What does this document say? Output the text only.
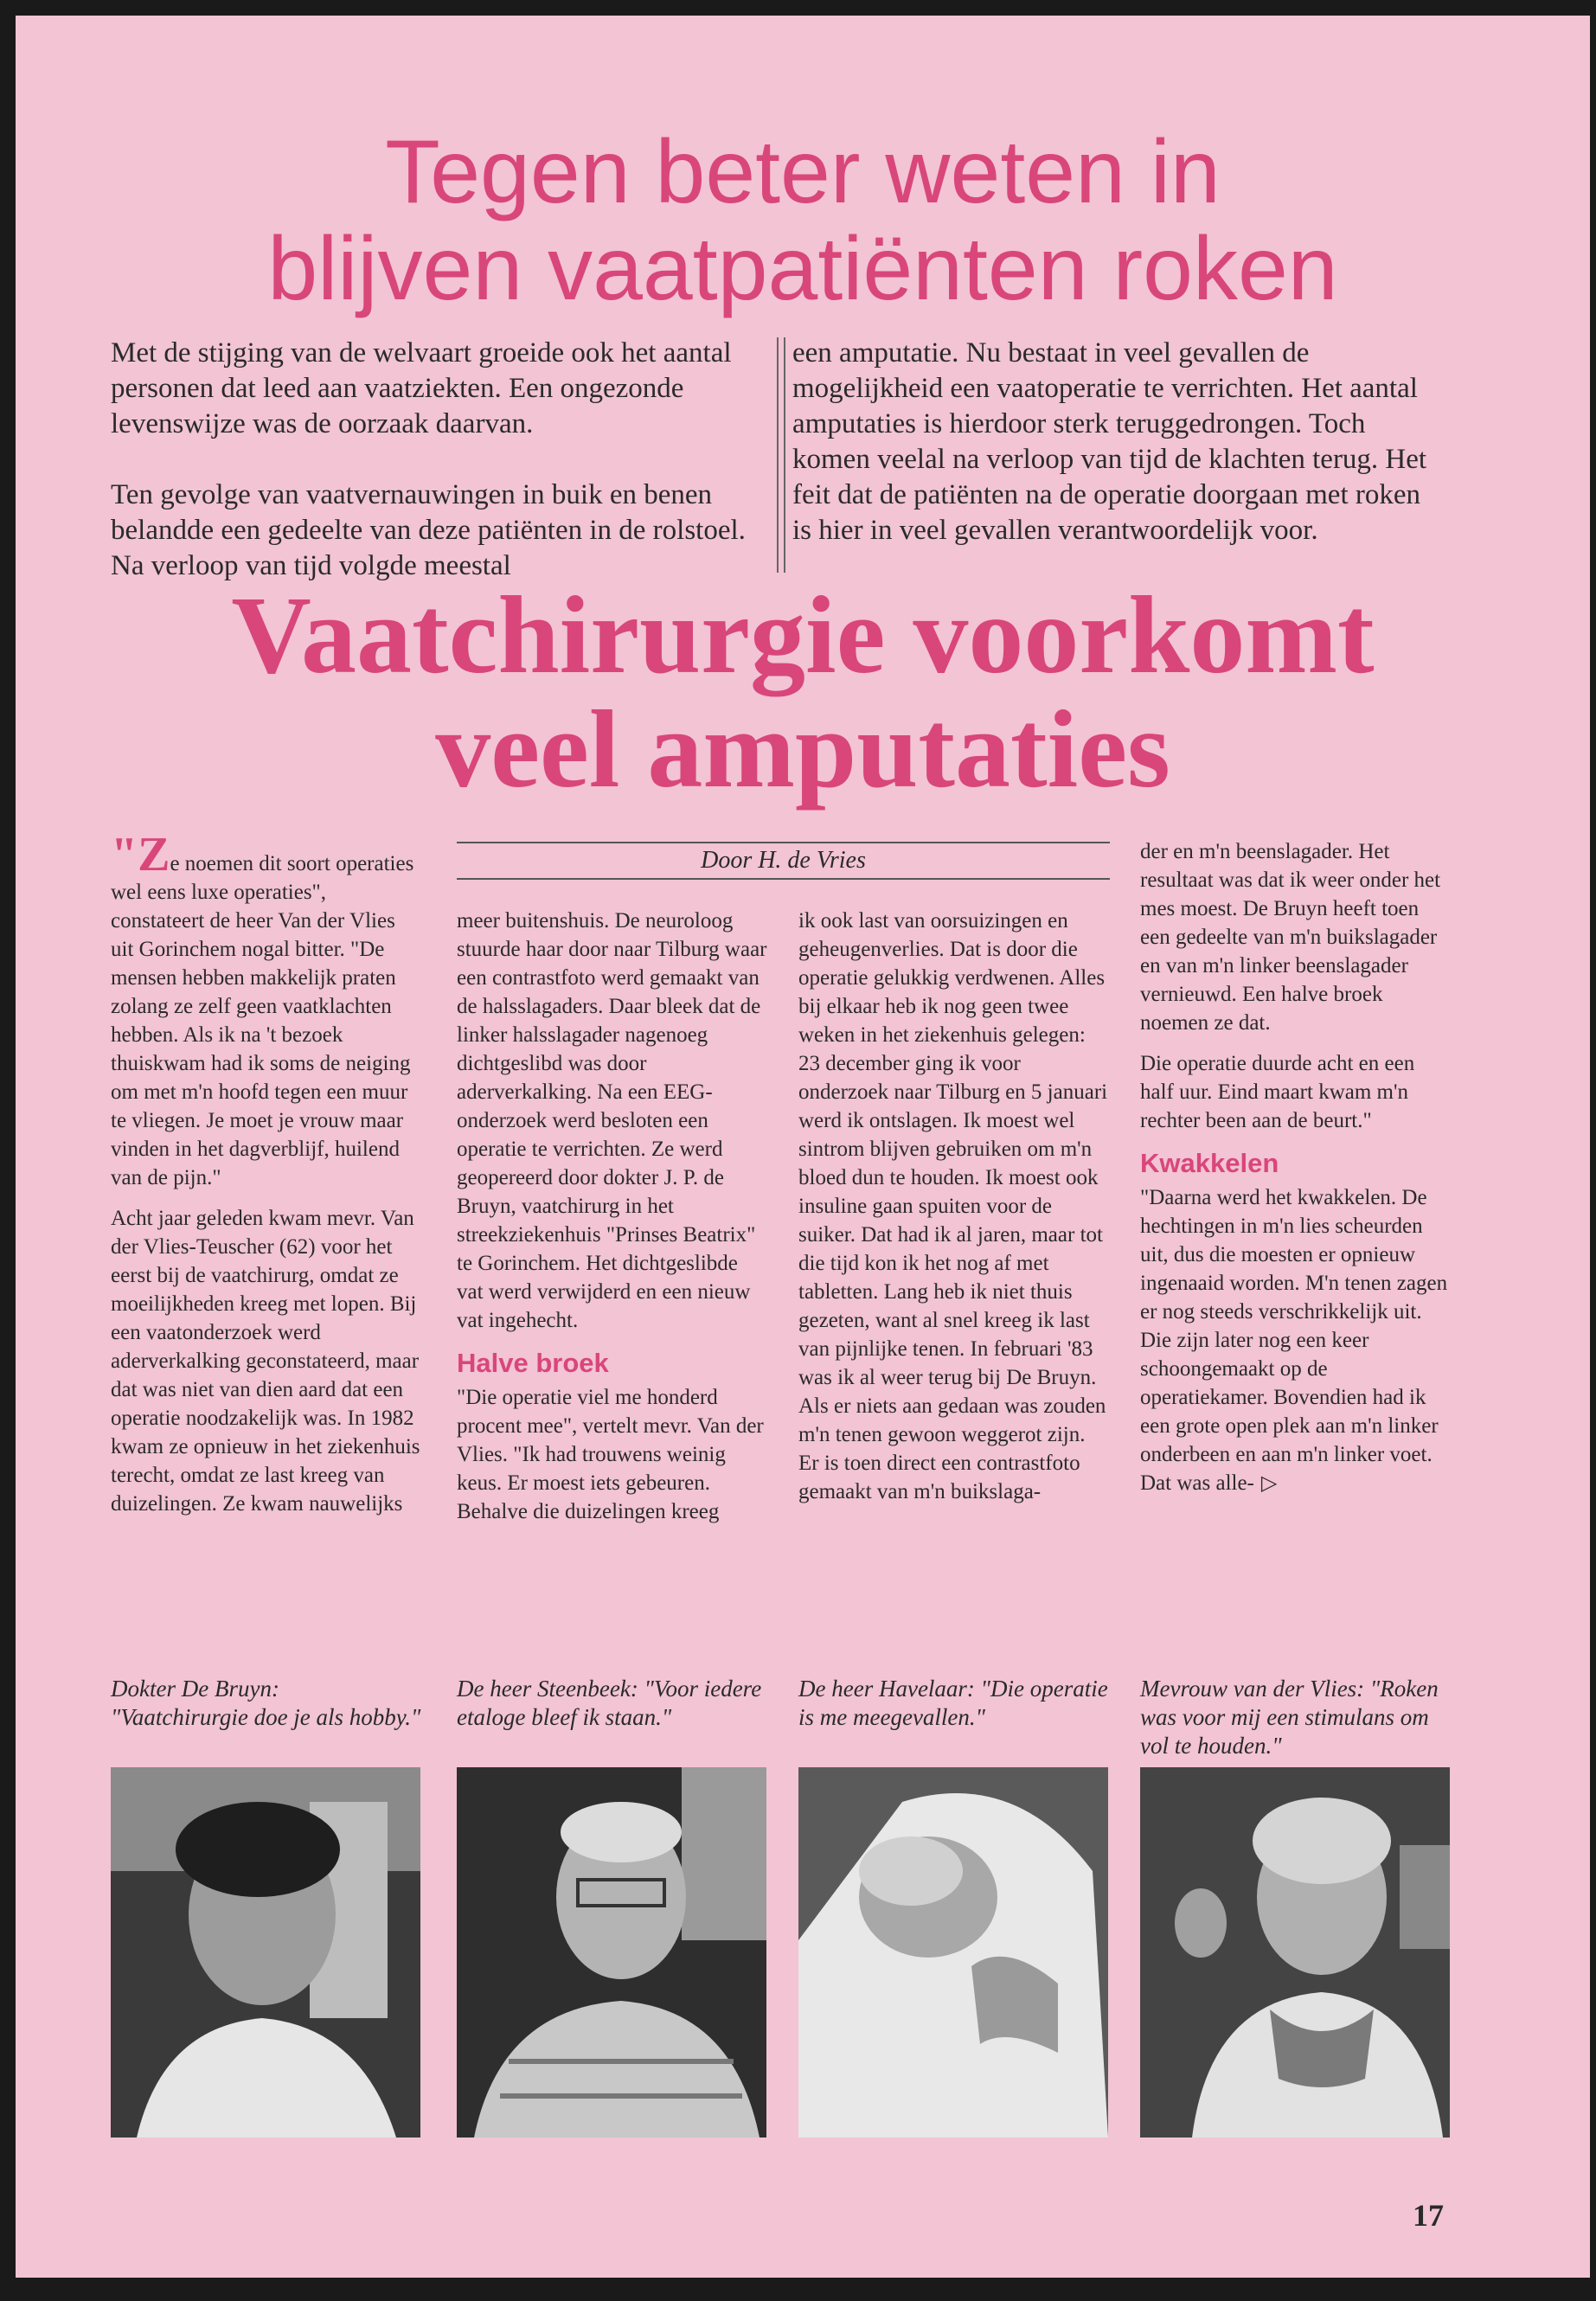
Tegen beter weten in
blijven vaatpatiënten roken

Met de stijging van de welvaart groeide ook het aantal personen dat leed aan vaatziekten. Een ongezonde levenswijze was de oorzaak daarvan.

Ten gevolge van vaatvernauwingen in buik en benen belandde een gedeelte van deze patiënten in de rolstoel. Na verloop van tijd volgde meestal

een amputatie. Nu bestaat in veel gevallen de mogelijkheid een vaatoperatie te verrichten. Het aantal amputaties is hierdoor sterk teruggedrongen. Toch komen veelal na verloop van tijd de klachten terug. Het feit dat de patiënten na de operatie doorgaan met roken is hier in veel gevallen verantwoordelijk voor.

Vaatchirurgie voorkomt
veel amputaties

"Ze noemen dit soort operaties wel eens luxe operaties", constateert de heer Van der Vlies uit Gorinchem nogal bitter. "De mensen hebben makkelijk praten zolang ze zelf geen vaatklachten hebben. Als ik na 't bezoek thuiskwam had ik soms de neiging om met m'n hoofd tegen een muur te vliegen. Je moet je vrouw maar vinden in het dagverblijf, huilend van de pijn."

Acht jaar geleden kwam mevr. Van der Vlies-Teuscher (62) voor het eerst bij de vaatchirurg, omdat ze moeilijkheden kreeg met lopen. Bij een vaatonderzoek werd aderverkalking geconstateerd, maar dat was niet van dien aard dat een operatie noodzakelijk was. In 1982 kwam ze opnieuw in het ziekenhuis terecht, omdat ze last kreeg van duizelingen. Ze kwam nauwelijks

Door H. de Vries

meer buitenshuis. De neuroloog stuurde haar door naar Tilburg waar een contrastfoto werd gemaakt van de halsslagaders. Daar bleek dat de linker halsslagader nagenoeg dichtgeslibd was door aderverkalking. Na een EEG-onderzoek werd besloten een operatie te verrichten. Ze werd geopereerd door dokter J. P. de Bruyn, vaatchirurg in het streekziekenhuis "Prinses Beatrix" te Gorinchem. Het dichtgeslibde vat werd verwijderd en een nieuw vat ingehecht.

Halve broek

"Die operatie viel me honderd procent mee", vertelt mevr. Van der Vlies. "Ik had trouwens weinig keus. Er moest iets gebeuren. Behalve die duizelingen kreeg

ik ook last van oorsuizingen en geheugenverlies. Dat is door die operatie gelukkig verdwenen. Alles bij elkaar heb ik nog geen twee weken in het ziekenhuis gelegen: 23 december ging ik voor onderzoek naar Tilburg en 5 januari werd ik ontslagen. Ik moest wel sintrom blijven gebruiken om m'n bloed dun te houden. Ik moest ook insuline gaan spuiten voor de suiker. Dat had ik al jaren, maar tot die tijd kon ik het nog af met tabletten. Lang heb ik niet thuis gezeten, want al snel kreeg ik last van pijnlijke tenen. In februari '83 was ik al weer terug bij De Bruyn. Als er niets aan gedaan was zouden m'n tenen gewoon weggerot zijn. Er is toen direct een contrastfoto gemaakt van m'n buikslaga-

der en m'n beenslagader. Het resultaat was dat ik weer onder het mes moest. De Bruyn heeft toen een gedeelte van m'n buikslagader en van m'n linker beenslagader vernieuwd. Een halve broek noemen ze dat.

Die operatie duurde acht en een half uur. Eind maart kwam m'n rechter been aan de beurt."

Kwakkelen

"Daarna werd het kwakkelen. De hechtingen in m'n lies scheurden uit, dus die moesten er opnieuw ingenaaid worden. M'n tenen zagen er nog steeds verschrikkelijk uit. Die zijn later nog een keer schoongemaakt op de operatiekamer. Bovendien had ik een grote open plek aan m'n linker onderbeen en aan m'n linker voet. Dat was alle- ▷

Dokter De Bruyn: "Vaatchirurgie doe je als hobby."
De heer Steenbeek: "Voor iedere etaloge bleef ik staan."
De heer Havelaar: "Die operatie is me meegevallen."
Mevrouw van der Vlies: "Roken was voor mij een stimulans om vol te houden."
17
